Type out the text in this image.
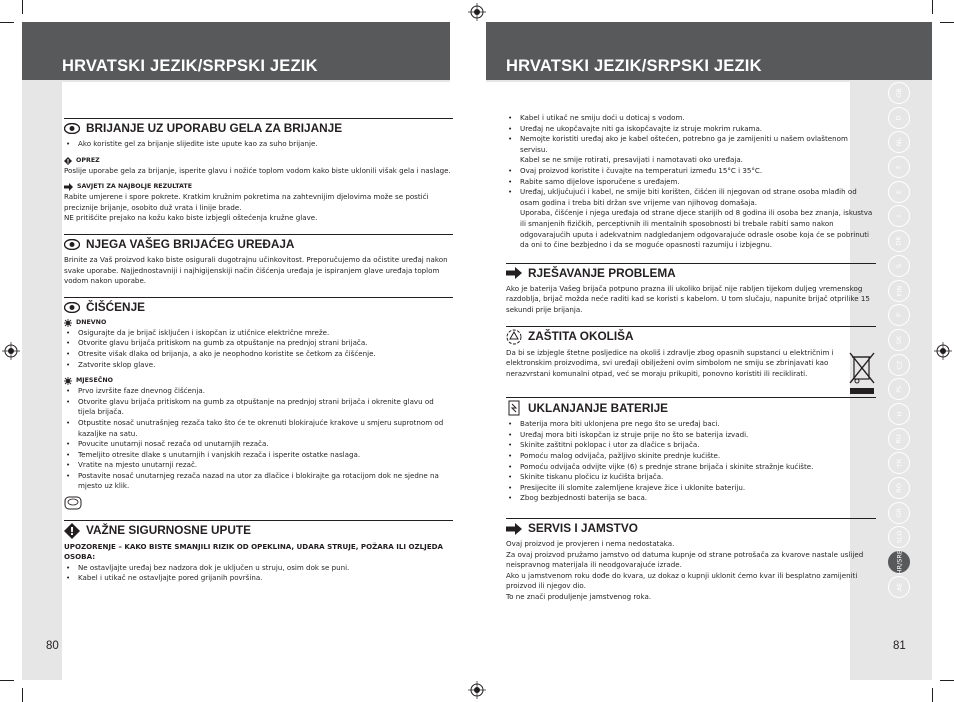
HRVATSKI JEZIK/SRPSKI JEZIK	HRVATSKI JEZIK/SRPSKI JEZIK
80	81
BRIJANJE UZ UPORABU GELA ZA BRIJANJE
• Ako koristite gel za brijanje slijedite iste upute kao za suho brijanje.
! OPREZ

Poslije uporabe gela za brijanje, isperite glavu i nožiće toplom vodom kako biste uklonili višak gela i naslage.

SAVJETI ZA NAJBOLJE REZULTATE

Rabite umjerene i spore pokrete. Kratkim kružnim pokretima na zahtevnijim djelovima može se postići preciznije brijanje, osobito duž vrata i linije brade.

NE pritišćite prejako na kožu kako biste izbjegli oštećenja kružne glave.

NJEGA VAŠEG BRIJAĆEG UREĐAJA

Brinite za Vaš proizvod kako biste osigurali dugotrajnu učinkovitost. Preporučujemo da očistite uređaj nakon svake uporabe. Najjednostavniji i najhigijenskiji način čišćenja uređaja je ispiranjem glave uređaja toplom vodom nakon uporabe.

ČIŠĆENJE
DNEVNO
• Osigurajte da je brijač isključen i iskopčan iz utičnice električne mreže.
• Otvorite glavu brijača pritiskom na gumb za otpuštanje na prednjoj strani brijača.
• Otresite višak dlaka od brijanja, a ako je neophodno koristite se četkom za čišćenje.
• Zatvorite sklop glave.
MJESEČNO
• Prvo izvršite faze dnevnog čišćenja.
• Otvorite glavu brijača pritiskom na gumb za otpuštanje na prednjoj strani brijača i okrenite glavu od tijela brijača.
• Otpustite nosač unutrašnjeg rezača tako što će te okrenuti blokirajuće krakove u smjeru suprotnom od kazaljke na satu.
• Povucite unutarnji nosač rezača od unutarnjih rezača.
• Temeljito otresite dlake s unutarnjih i vanjskih rezača i isperite ostatke naslaga.
• Vratite na mjesto unutarnji rezač.
• Postavite nosač unutarnjeg rezača nazad na utor za dlačice i blokirajte ga rotacijom dok ne sjedne na mjesto uz klik.
! VAŽNE SIGURNOSNE UPUTE

UPOZORENJE – KAKO BISTE SMANJILI RIZIK OD OPEKLINA, UDARA STRUJE, POŽARA ILI OZLJEDA OSOBA:

• Ne ostavljajte uređaj bez nadzora dok je uključen u struju, osim dok se puni.
• Kabel i utikač ne ostavljajte pored grijanih površina.
• Kabel i utikač ne smiju doći u doticaj s vodom.
• Uređaj ne ukopčavajte niti ga iskopčavajte iz struje mokrim rukama.
• Nemojte koristiti uređaj ako je kabel oštećen, potrebno ga je zamijeniti u našem ovlaštenom servisu.
Kabel se ne smije rotirati, presavijati i namotavati oko uređaja.
• Ovaj proizvod koristite i čuvajte na temperaturi između 15°C i 35°C.
• Rabite samo dijelove isporučene s uređajem.
• Uređaj, uključujući i kabel, ne smije biti korišten, čišćen ili njegovan od strane osoba mlađih od osam godina i treba biti držan sve vrijeme van njihovog domašaja.
Uporaba, čišćenje i njega uređaja od strane djece starijih od 8 godina ili osoba bez znanja, iskustva ili smanjenih fizičkih, perceptivnih ili mentalnih sposobnosti bi trebale rabiti samo nakon odgovarajućih uputa i adekvatnim nadgledanjem odgovarajuće odrasle osobe koja će se pobrinuti da oni to čine bezbjedno i da se moguće opasnosti razumiju i izbjegnu.
RJEŠAVANJE PROBLEMA

Ako je baterija Vašeg brijača potpuno prazna ili ukoliko brijač nije rabljen tijekom duljeg vremenskog razdoblja, brijač možda neće raditi kad se koristi s kabelom. U tom slučaju, napunite brijač otprilike 15 sekundi prije brijanja.

ZAŠTITA OKOLIŠA

Da bi se izbjegle štetne posljedice na okoliš i zdravlje zbog opasnih supstanci u električnim i elektronskim proizvodima, svi uređaji obilježeni ovim simbolom ne smiju se zbrinjavati kao nerazvrstani komunalni otpad, već se moraju prikupiti, ponovno koristiti ili reciklirati.

UKLANJANJE BATERIJE
• Baterija mora biti uklonjena pre nego što se uređaj baci.
• Uređaj mora biti iskopčan iz struje prije no što se baterija izvadi.
• Skinite zaštitni poklopac i utor za dlačice s brijača.
• Pomoću malog odvijača, pažljivo skinite prednje kućište.
• Pomoću odvijača odvijte vijke (6) s prednje strane brijača i skinite stražnje kućište.
• Skinite tiskanu pločicu iz kućišta brijača.
• Presijecite ili slomite zalemljene krajeve žice i uklonite bateriju.
• Zbog bezbjednosti baterija se baca.
SERVIS I JAMSTVO

Ovaj proizvod je provjeren i nema nedostataka.

Za ovaj proizvod pružamo jamstvo od datuma kupnje od strane potrošača za kvarove nastale uslijed neispravnog materijala ili neodgovarajuće izrade.

Ako u jamstvenom roku dođe do kvara, uz dokaz o kupnji uklonit ćemo kvar ili besplatno zamijeniti proizvod ili njegov dio.

To ne znači produljenje jamstvenog roka.

GB
D
NL
F
E
I
DK
S
FIN
P
SK
CZ
PL
H
RU
TR
RO
GR
SLO
HR/SRB
AE
